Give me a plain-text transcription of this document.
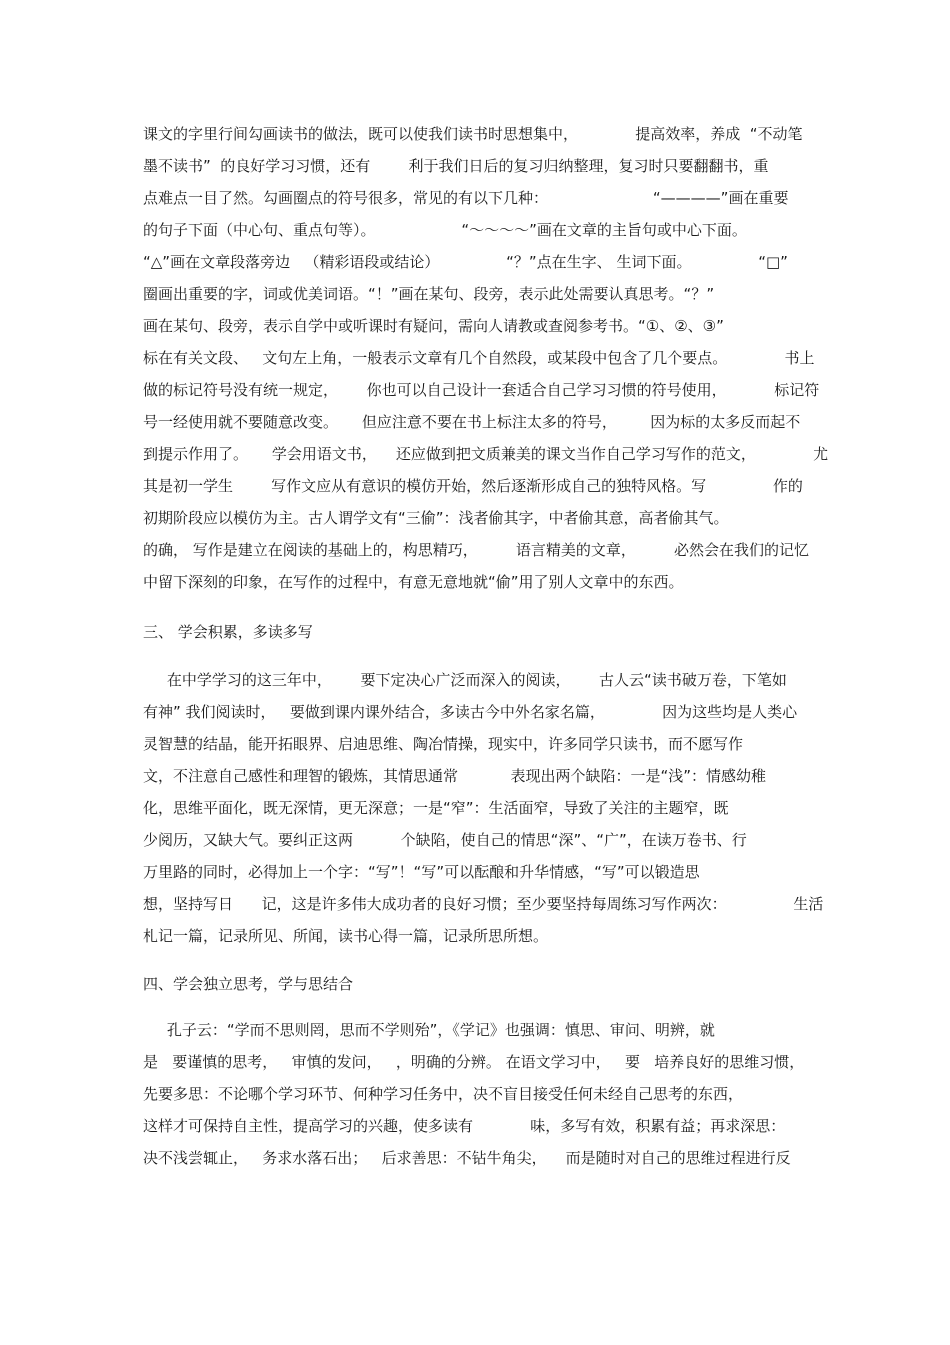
课文的字里行间勾画读书的做法，既可以使我们读书时思想集中，            提高效率，养成  “不动笔
墨不读书”  的良好学习习惯，还有        利于我们日后的复习归纳整理，复习时只要翻翻书，重
点难点一目了然。勾画圈点的符号很多，常见的有以下几种：                      “————”画在重要
的句子下面（中心句、重点句等）。                  “～～～～”画在文章的主旨句或中心下面。
“△”画在文章段落旁边   （精彩语段或结论）              “？”点在生字、 生词下面。              “□”
圈画出重要的字，词或优美词语。“！”画在某句、段旁，表示此处需要认真思考。“？”
画在某句、段旁，表示自学中或听课时有疑问，需向人请教或查阅参考书。“①、②、③”
标在有关文段、   文句左上角，一般表示文章有几个自然段，或某段中包含了几个要点。            书上
做的标记符号没有统一规定，      你也可以自己设计一套适合自己学习习惯的符号使用，          标记符
号一经使用就不要随意改变。     但应注意不要在书上标注太多的符号，       因为标的太多反而起不
到提示作用了。     学会用语文书，    还应做到把文质兼美的课文当作自己学习写作的范文，            尤
其是初一学生        写作文应从有意识的模仿开始，然后逐渐形成自己的独特风格。写              作的
初期阶段应以模仿为主。古人谓学文有“三偷”：浅者偷其字，中者偷其意，高者偷其气。
的确， 写作是建立在阅读的基础上的，构思精巧，        语言精美的文章，        必然会在我们的记忆
中留下深刻的印象，在写作的过程中，有意无意地就“偷”用了别人文章中的东西。
三、 学会积累，多读多写
在中学学习的这三年中，      要下定决心广泛而深入的阅读，      古人云“读书破万卷，下笔如
有神” 我们阅读时，   要做到课内课外结合，多读古今中外名家名篇，            因为这些均是人类心
灵智慧的结晶，能开拓眼界、启迪思维、陶冶情操，现实中，许多同学只读书，而不愿写作
文，不注意自己感性和理智的锻炼，其情思通常           表现出两个缺陷：一是“浅”：情感幼稚
化，思维平面化，既无深情，更无深意；一是“窄”：生活面窄，导致了关注的主题窄，既
少阅历，又缺大气。要纠正这两          个缺陷，使自己的情思“深”、“广”，在读万卷书、行
万里路的同时，必得加上一个字：“写”！“写”可以酝酿和升华情感，“写”可以锻造思
想，坚持写日      记，这是许多伟大成功者的良好习惯；至少要坚持每周练习写作两次：              生活
札记一篇，记录所见、所闻，读书心得一篇，记录所思所想。
四、学会独立思考，学与思结合
孔子云：“学而不思则罔，思而不学则殆”，《学记》也强调：慎思、审问、明辨，就
是   要谨慎的思考，   审慎的发问，   ，明确的分辨。 在语文学习中，   要   培养良好的思维习惯，
先要多思：不论哪个学习环节、何种学习任务中，决不盲目接受任何未经自己思考的东西，
这样才可保持自主性，提高学习的兴趣，使多读有            味，多写有效，积累有益；再求深思：
决不浅尝辄止，   务求水落石出；   后求善思：不钻牛角尖，    而是随时对自己的思维过程进行反
